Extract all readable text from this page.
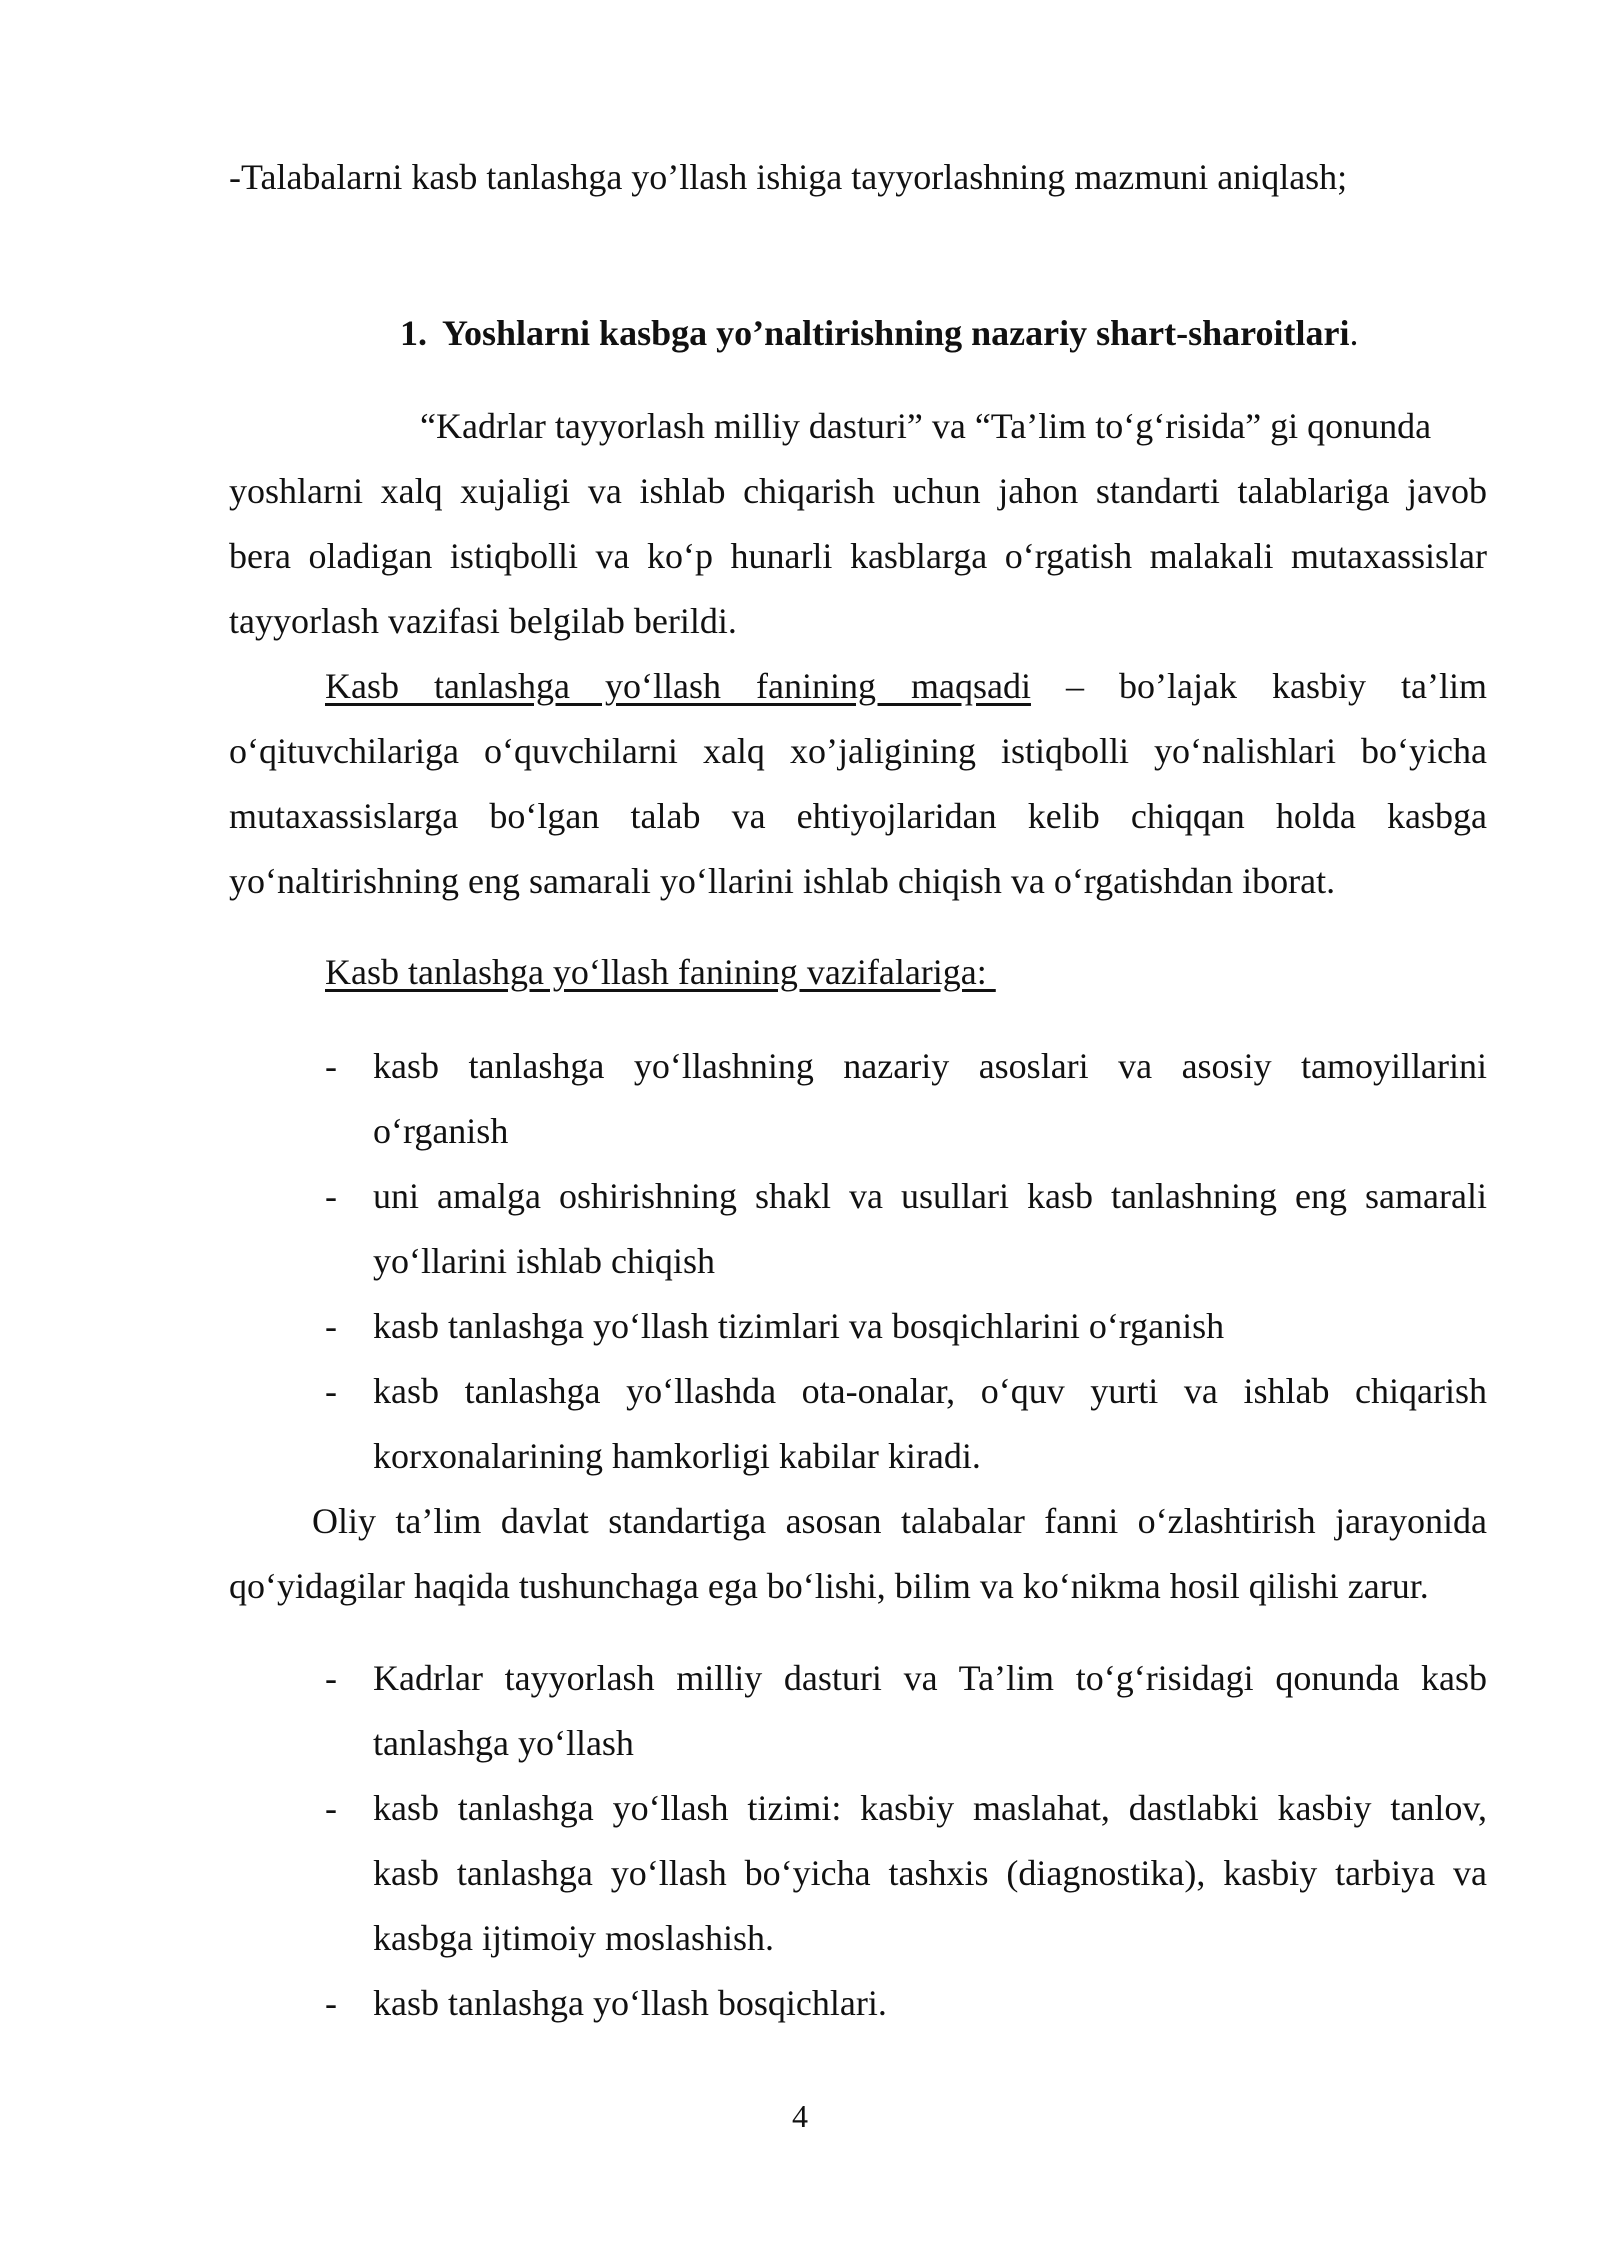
-Talabalarni kasb tanlashga yo’llash ishiga tayyorlashning mazmuni aniqlash;
1. Yoshlarni kasbga yo’naltirishning nazariy shart-sharoitlari.
“Kadrlar tayyorlash milliy dasturi” va “Ta’lim to‘g‘risida” gi qonunda
yoshlarni xalq xujaligi va ishlab chiqarish uchun jahon standarti talablariga javob
bera oladigan istiqbolli va ko‘p hunarli kasblarga o‘rgatish malakali mutaxassislar
tayyorlash vazifasi belgilab berildi.
Kasb tanlashga yo‘llash fanining maqsadi – bo’lajak kasbiy ta’lim
o‘qituvchilariga o‘quvchilarni xalq xo’jaligining istiqbolli yo‘nalishlari bo‘yicha
mutaxassislarga bo‘lgan talab va ehtiyojlaridan kelib chiqqan holda kasbga
yo‘naltirishning eng samarali yo‘llarini ishlab chiqish va o‘rgatishdan iborat.
Kasb tanlashga yo‘llash fanining vazifalariga:
- kasb tanlashga yo‘llashning nazariy asoslari va asosiy tamoyillarini
o‘rganish
- uni amalga oshirishning shakl va usullari kasb tanlashning eng samarali
yo‘llarini ishlab chiqish
- kasb tanlashga yo‘llash tizimlari va bosqichlarini o‘rganish
- kasb tanlashga yo‘llashda ota-onalar, o‘quv yurti va ishlab chiqarish
korxonalarining hamkorligi kabilar kiradi.
Oliy ta’lim davlat standartiga asosan talabalar fanni o‘zlashtirish jarayonida
qo‘yidagilar haqida tushunchaga ega bo‘lishi, bilim va ko‘nikma hosil qilishi zarur.
- Kadrlar tayyorlash milliy dasturi va Ta’lim to‘g‘risidagi qonunda kasb
tanlashga yo‘llash
- kasb tanlashga yo‘llash tizimi: kasbiy maslahat, dastlabki kasbiy tanlov,
kasb tanlashga yo‘llash bo‘yicha tashxis (diagnostika), kasbiy tarbiya va
kasbga ijtimoiy moslashish.
- kasb tanlashga yo‘llash bosqichlari.
4
